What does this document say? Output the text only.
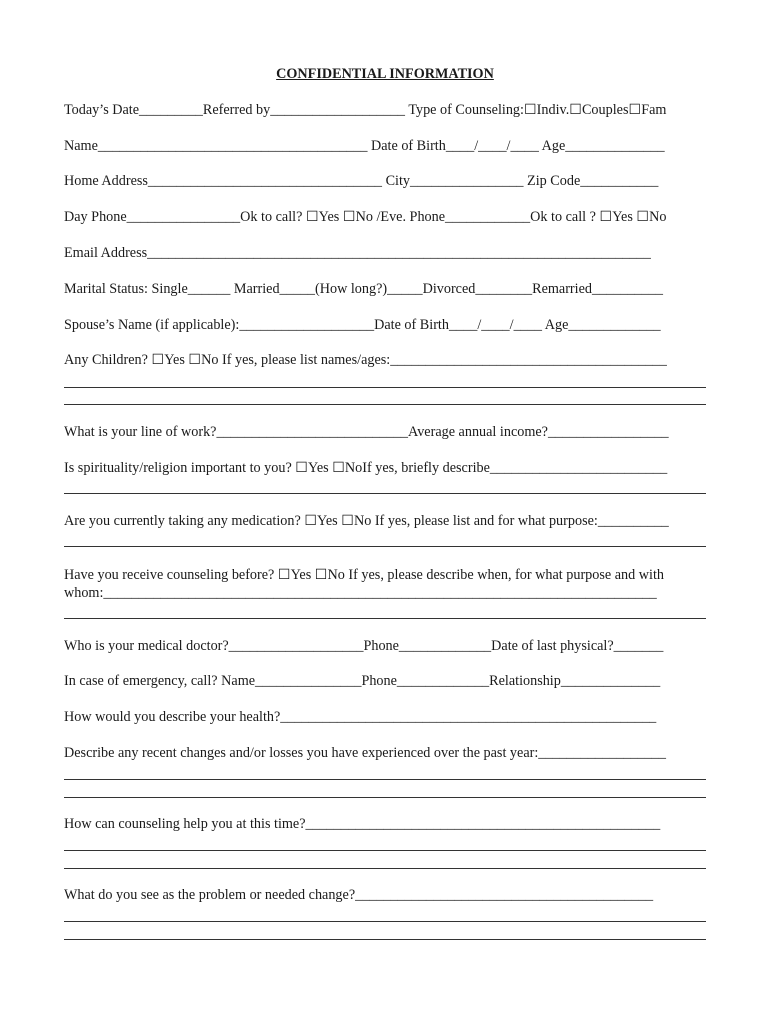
CONFIDENTIAL INFORMATION
Today’s Date_________Referred by___________________ Type of Counseling:☐Indiv.☐Couples☐Fam
Name______________________________________ Date of Birth____/____/____ Age______________
Home Address_________________________________ City________________ Zip Code___________
Day Phone________________Ok to call? ☐Yes ☐No /Eve. Phone____________Ok to call ? ☐Yes ☐No
Email Address_______________________________________________________________________
Marital Status: Single______ Married_____(How long?)_____Divorced________Remarried__________
Spouse’s Name (if applicable):___________________Date of Birth____/____/____ Age_____________
Any Children? ☐Yes ☐No If yes, please list names/ages:_______________________________________
What is your line of work?___________________________Average annual income?_________________
Is spirituality/religion important to you? ☐Yes ☐NoIf yes, briefly describe_________________________
Are you currently taking any medication? ☐Yes ☐No If yes, please list and for what purpose:__________
Have you receive counseling before? ☐Yes ☐No If yes, please describe when, for what purpose and with
whom:______________________________________________________________________________
Who is your medical doctor?___________________Phone_____________Date of last physical?_______
In case of emergency, call? Name_______________Phone_____________Relationship______________
How would you describe your health?_____________________________________________________
Describe any recent changes and/or losses you have experienced over the past year:__________________
How can counseling help you at this time?__________________________________________________
What do you see as the problem or needed change?__________________________________________
